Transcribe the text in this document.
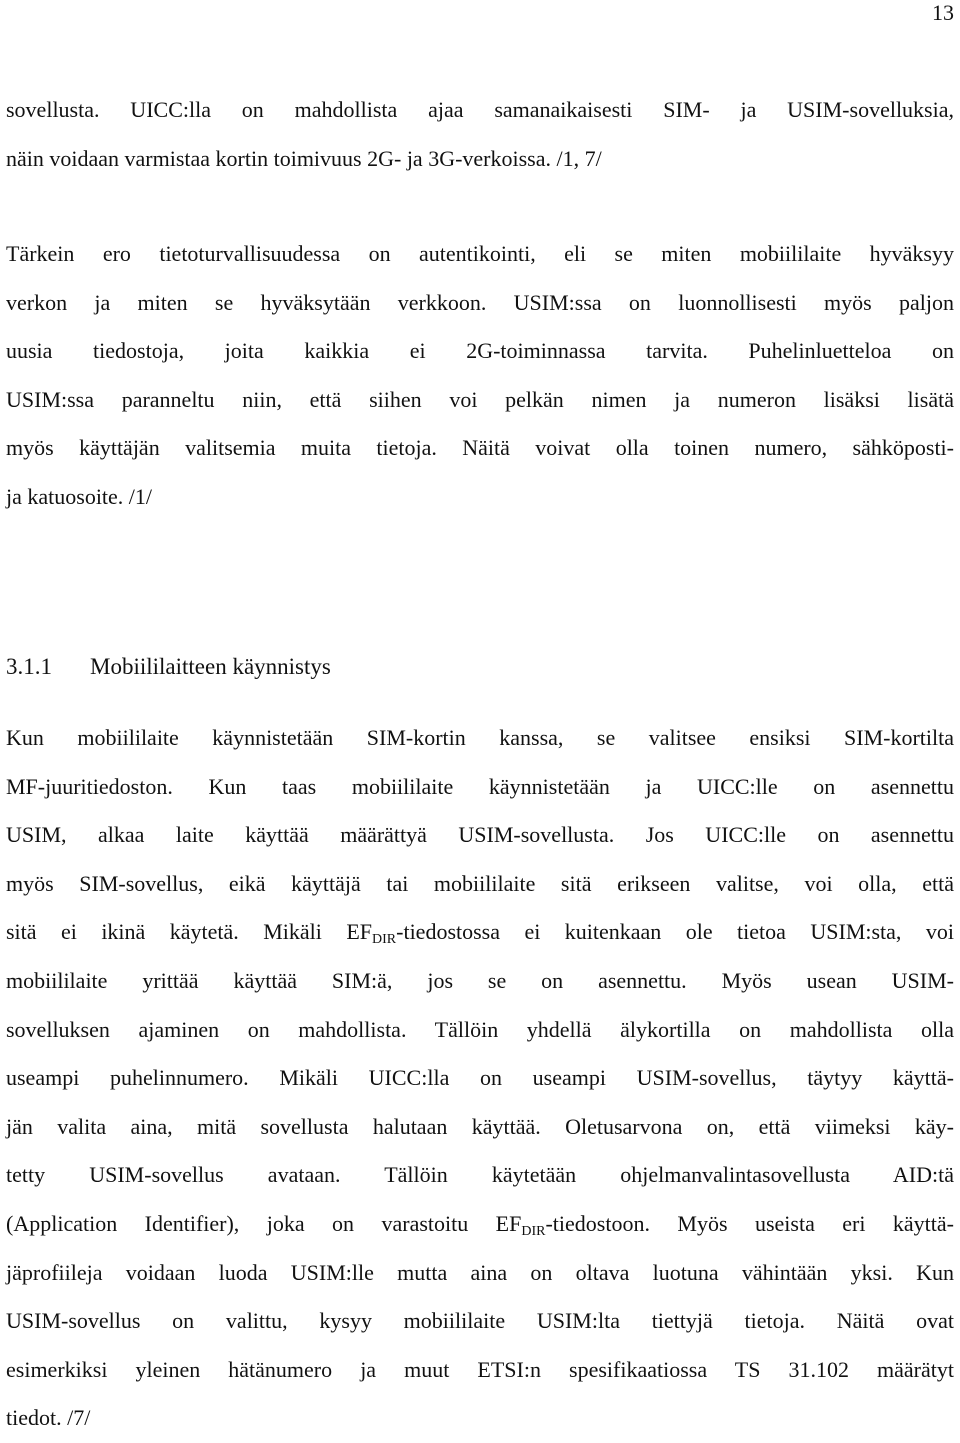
13

sovellusta. UICC:lla on mahdollista ajaa samanaikaisesti SIM- ja USIM-sovelluksia,
näin voidaan varmistaa kortin toimivuus 2G- ja 3G-verkoissa. /1, 7/

Tärkein ero tietoturvallisuudessa on autentikointi, eli se miten mobiililaite hyväksyy
verkon ja miten se hyväksytään verkkoon. USIM:ssa on luonnollisesti myös paljon
uusia tiedostoja, joita kaikkia ei 2G-toiminnassa tarvita. Puhelinluetteloa on
USIM:ssa paranneltu niin, että siihen voi pelkän nimen ja numeron lisäksi lisätä
myös käyttäjän valitsemia muita tietoja. Näitä voivat olla toinen numero, sähköposti-
ja katuosoite. /1/

3.1.1 Mobiililaitteen käynnistys

Kun mobiililaite käynnistetään SIM-kortin kanssa, se valitsee ensiksi SIM-kortilta
MF-juuritiedoston. Kun taas mobiililaite käynnistetään ja UICC:lle on asennettu
USIM, alkaa laite käyttää määrättyä USIM-sovellusta. Jos UICC:lle on asennettu
myös SIM-sovellus, eikä käyttäjä tai mobiililaite sitä erikseen valitse, voi olla, että
sitä ei ikinä käytetä. Mikäli $EF_{DIR}$-tiedostossa ei kuitenkaan ole tietoa USIM:sta, voi
mobiililaite yrittää käyttää SIM:ä, jos se on asennettu. Myös usean USIM-
sovelluksen ajaminen on mahdollista. Tällöin yhdellä älykortilla on mahdollista olla
useampi puhelinnumero. Mikäli UICC:lla on useampi USIM-sovellus, täytyy käyttä-
jän valita aina, mitä sovellusta halutaan käyttää. Oletusarvona on, että viimeksi käy-
tetty USIM-sovellus avataan. Tällöin käytetään ohjelmanvalintasovellusta AID:tä
(Application Identifier), joka on varastoitu $EF_{DIR}$-tiedostoon. Myös useista eri käyttä-
jäprofiileja voidaan luoda USIM:lle mutta aina on oltava luotuna vähintään yksi. Kun
USIM-sovellus on valittu, kysyy mobiililaite USIM:lta tiettyjä tietoja. Näitä ovat
esimerkiksi yleinen hätänumero ja muut ETSI:n spesifikaatiossa TS 31.102 määrätyt
tiedot. /7/
